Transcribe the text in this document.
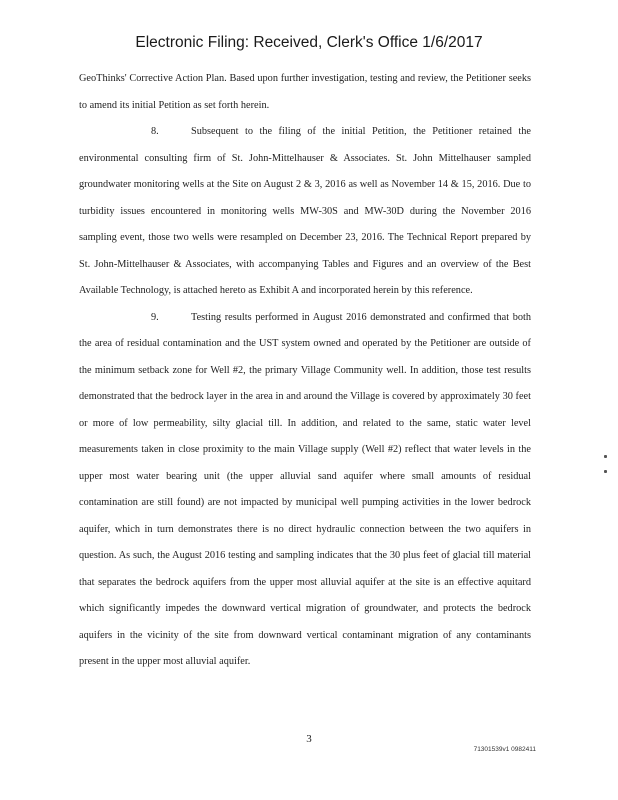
Electronic Filing: Received, Clerk's Office 1/6/2017

GeoThinks' Corrective Action Plan. Based upon further investigation, testing and review, the Petitioner seeks to amend its initial Petition as set forth herein.

8.	Subsequent to the filing of the initial Petition, the Petitioner retained the environmental consulting firm of St. John-Mittelhauser & Associates. St. John Mittelhauser sampled groundwater monitoring wells at the Site on August 2 & 3, 2016 as well as November 14 & 15, 2016. Due to turbidity issues encountered in monitoring wells MW-30S and MW-30D during the November 2016 sampling event, those two wells were resampled on December 23, 2016. The Technical Report prepared by St. John-Mittelhauser & Associates, with accompanying Tables and Figures and an overview of the Best Available Technology, is attached hereto as Exhibit A and incorporated herein by this reference.

9.	Testing results performed in August 2016 demonstrated and confirmed that both the area of residual contamination and the UST system owned and operated by the Petitioner are outside of the minimum setback zone for Well #2, the primary Village Community well. In addition, those test results demonstrated that the bedrock layer in the area in and around the Village is covered by approximately 30 feet or more of low permeability, silty glacial till. In addition, and related to the same, static water level measurements taken in close proximity to the main Village supply (Well #2) reflect that water levels in the upper most water bearing unit (the upper alluvial sand aquifer where small amounts of residual contamination are still found) are not impacted by municipal well pumping activities in the lower bedrock aquifer, which in turn demonstrates there is no direct hydraulic connection between the two aquifers in question. As such, the August 2016 testing and sampling indicates that the 30 plus feet of glacial till material that separates the bedrock aquifers from the upper most alluvial aquifer at the site is an effective aquitard which significantly impedes the downward vertical migration of groundwater, and protects the bedrock aquifers in the vicinity of the site from downward vertical contaminant migration of any contaminants present in the upper most alluvial aquifer.

3
71301539v1 0982411
